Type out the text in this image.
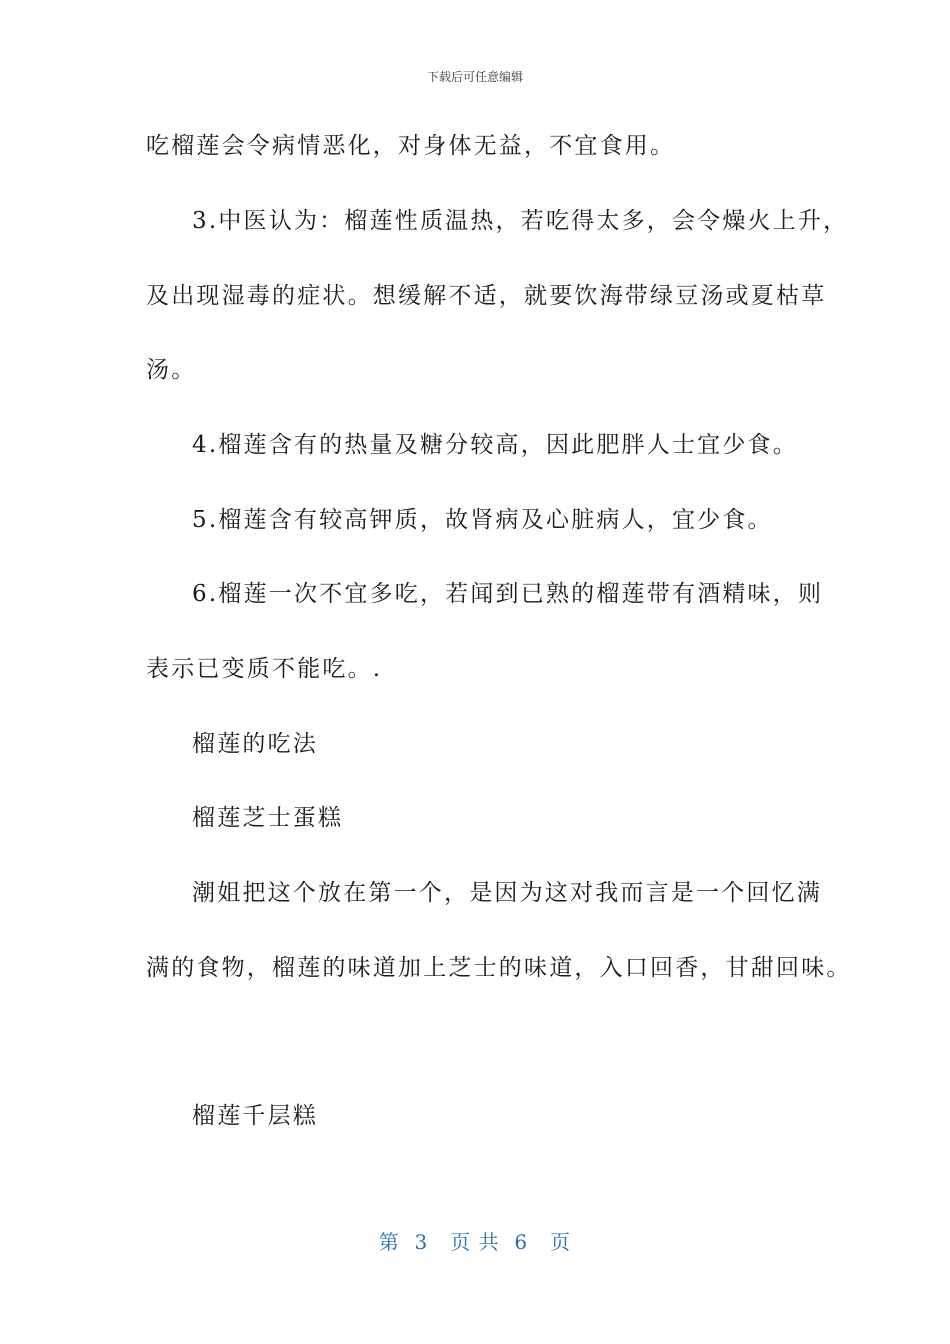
下载后可任意编辑
吃榴莲会令病情恶化，对身体无益，不宜食用。
3.中医认为：榴莲性质温热，若吃得太多，会令燥火上升，
及出现湿毒的症状。想缓解不适，就要饮海带绿豆汤或夏枯草
汤。
4.榴莲含有的热量及糖分较高，因此肥胖人士宜少食。
5.榴莲含有较高钾质，故肾病及心脏病人，宜少食。
6.榴莲一次不宜多吃，若闻到已熟的榴莲带有酒精味，则
表示已变质不能吃。.
榴莲的吃法
榴莲芝士蛋糕
潮姐把这个放在第一个，是因为这对我而言是一个回忆满
满的食物，榴莲的味道加上芝士的味道，入口回香，甘甜回味。
榴莲千层糕
第  3   页 共  6   页
